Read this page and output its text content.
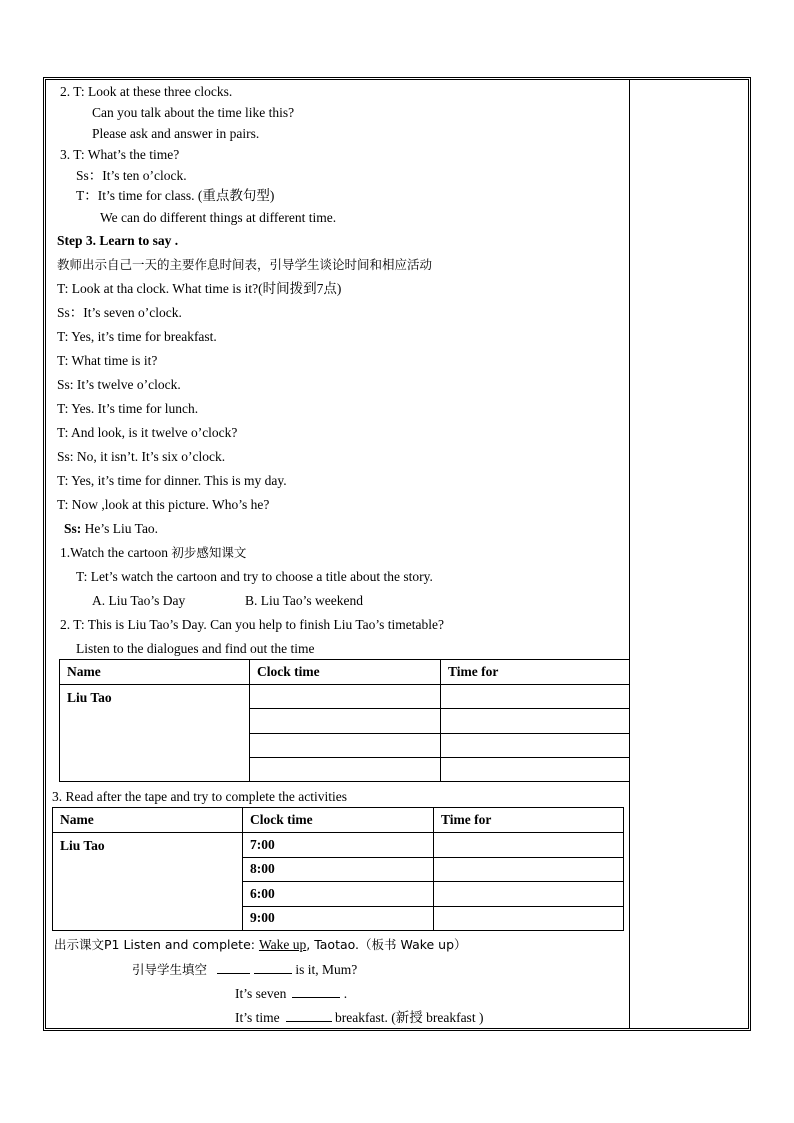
2. T: Look at these three clocks.
Can you talk about the time like this?
Please ask and answer in pairs.
3. T: What’s the time?
Ss：It’s ten o’clock.
T：It’s time for class. (重点教句型)
We can do different things at different time.
Step 3. Learn to say .
教师出示自己一天的主要作息时间表，引导学生谈论时间和相应活动
T: Look at tha clock. What time is it?(时间拨到7点)
Ss：It’s seven o’clock.
T: Yes, it’s time for breakfast.
T: What time is it?
Ss: It’s twelve o’clock.
T: Yes. It’s time for lunch.
T: And look, is it twelve o’clock?
Ss: No, it isn’t. It’s six o’clock.
T: Yes, it’s time for dinner. This is my day.
T: Now ,look at this picture. Who’s he?
Ss: He’s Liu Tao.
1.Watch the cartoon 初步感知课文
T: Let’s watch the cartoon and try to choose a title about the story.
A. Liu Tao’s Day	B. Liu Tao’s weekend
2. T: This is Liu Tao’s Day. Can you help to finish Liu Tao’s timetable?
Listen to the dialogues and find out the time
Name	Clock time	Time for
Liu Tao		

3. Read after the tape and try to complete the activities
Name	Clock time	Time for
Liu Tao	7:00	
	8:00	
	6:00	
	9:00	
出示课文P1 Listen and complete: Wake up, Taotao.（板书 Wake up）
引导学生填空	is it, Mum?
It’s seven	.
It’s time	breakfast. (新授 breakfast )
